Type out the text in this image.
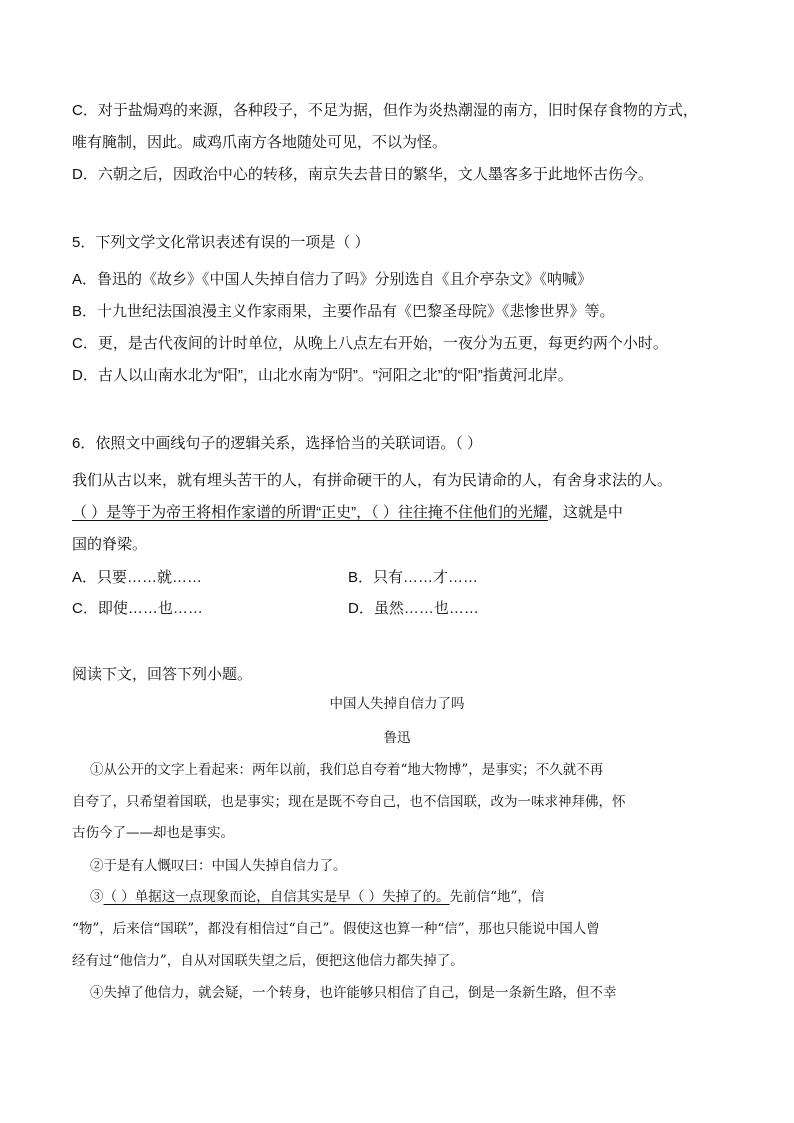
C．对于盐焗鸡的来源，各种段子，不足为据，但作为炎热潮湿的南方，旧时保存食物的方式，
唯有腌制，因此。咸鸡爪南方各地随处可见，不以为怪。
D．六朝之后，因政治中心的转移，南京失去昔日的繁华，文人墨客多于此地怀古伤今。
5．下列文学文化常识表述有误的一项是（ ）
A．鲁迅的《故乡》《中国人失掉自信力了吗》分别选自《且介亭杂文》《呐喊》
B．十九世纪法国浪漫主义作家雨果，主要作品有《巴黎圣母院》《悲惨世界》等。
C．更，是古代夜间的计时单位，从晚上八点左右开始，一夜分为五更，每更约两个小时。
D．古人以山南水北为“阳”，山北水南为“阴”。“河阳之北”的“阳”指黄河北岸。
6．依照文中画线句子的逻辑关系，选择恰当的关联词语。（ ）
我们从古以来，就有埋头苦干的人，有拼命硬干的人，有为民请命的人，有舍身求法的人。
（ ）是等于为帝王将相作家谱的所谓“正史”，（ ）往往掩不住他们的光耀，这就是中
国的脊梁。
A．只要……就……	B．只有……才……
C．即使……也……	D．虽然……也……
阅读下文，回答下列小题。
中国人失掉自信力了吗
鲁迅
①从公开的文字上看起来：两年以前，我们总自夸着“地大物博”，是事实；不久就不再
自夸了，只希望着国联，也是事实；现在是既不夸自己，也不信国联，改为一味求神拜佛，怀
古伤今了——却也是事实。
②于是有人慨叹曰：中国人失掉自信力了。
③（ ）单据这一点现象而论，自信其实是早（ ）失掉了的。先前信“地”，信
“物”，后来信“国联”，都没有相信过“自己”。假使这也算一种“信”，那也只能说中国人曾
经有过“他信力”，自从对国联失望之后，便把这他信力都失掉了。
④失掉了他信力，就会疑，一个转身，也许能够只相信了自己，倒是一条新生路，但不幸
